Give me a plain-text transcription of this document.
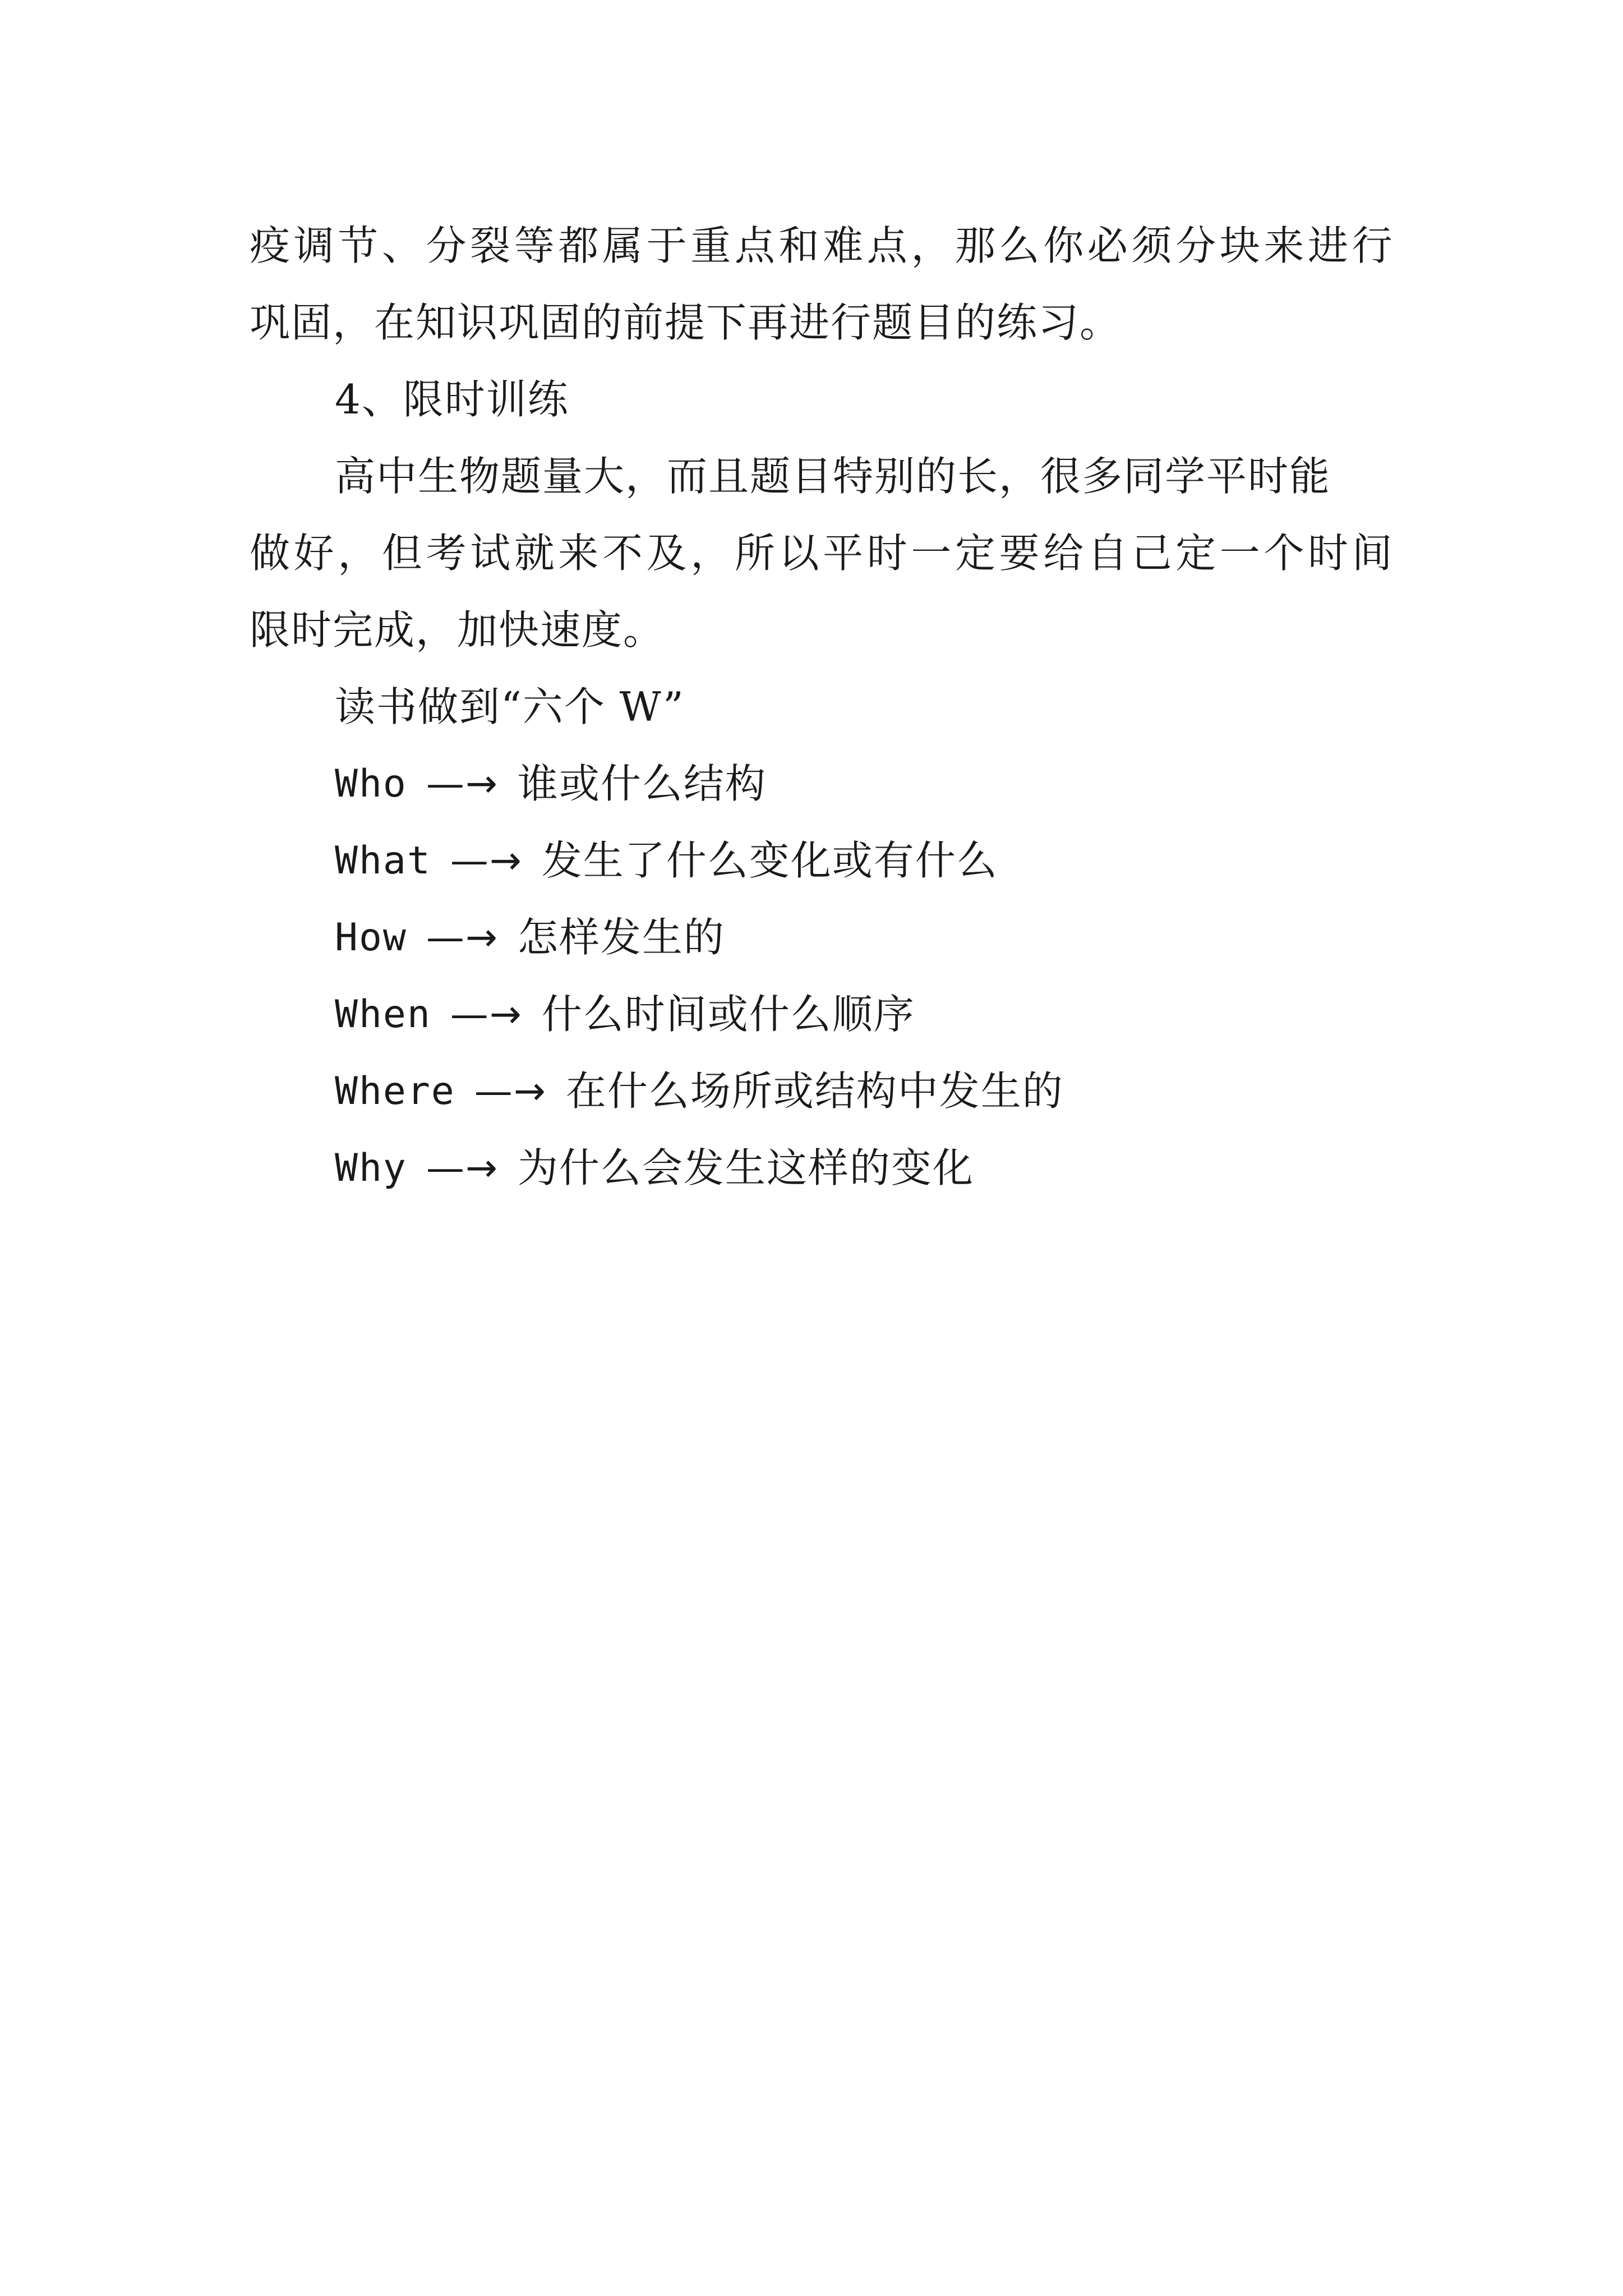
疫 调 节 、 分 裂 等 都 属 于 重 点 和 难 点 ， 那 么 你 必 须 分 块 来 进 行
巩固，在知识巩固的前提下再进行题目的练习。
4、限时训练
高中生物题量大，而且题目特别的长，很多同学平时能
做 好 ， 但 考 试 就 来 不 及 ， 所 以 平 时 一 定 要 给 自 己 定 一 个 时 间
限时完成，加快速度。
读书做到“六个 W”
Who —→ 谁或什么结构
What —→ 发生了什么变化或有什么
How —→ 怎样发生的
When —→ 什么时间或什么顺序
Where —→ 在什么场所或结构中发生的
Why —→ 为什么会发生这样的变化
